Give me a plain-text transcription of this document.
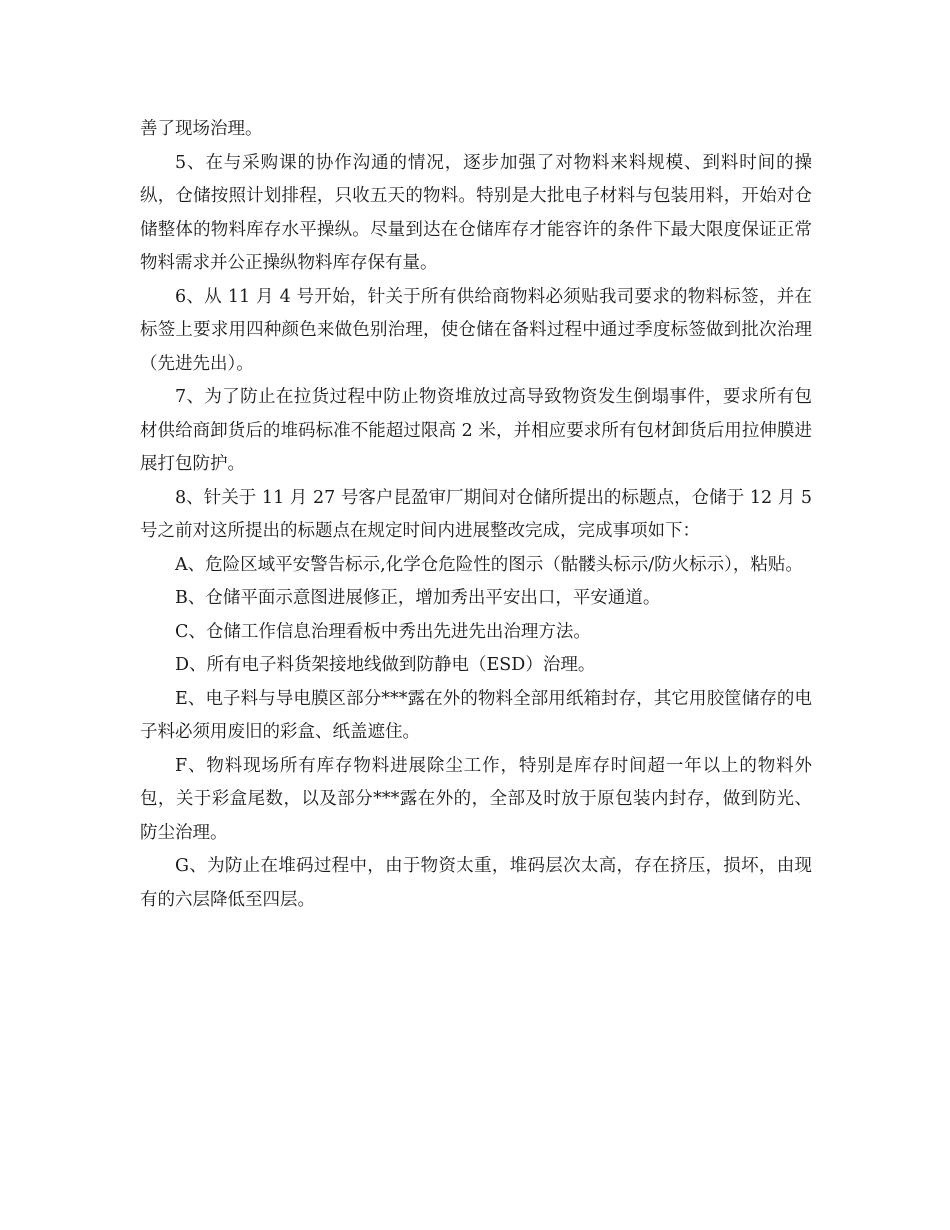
善了现场治理。

5、在与采购课的协作沟通的情况，逐步加强了对物料来料规模、到料时间的操纵，仓储按照计划排程，只收五天的物料。特别是大批电子材料与包装用料，开始对仓储整体的物料库存水平操纵。尽量到达在仓储库存才能容许的条件下最大限度保证正常物料需求并公正操纵物料库存保有量。

6、从 11 月 4 号开始，针关于所有供给商物料必须贴我司要求的物料标签，并在标签上要求用四种颜色来做色别治理，使仓储在备料过程中通过季度标签做到批次治理（先进先出）。

7、为了防止在拉货过程中防止物资堆放过高导致物资发生倒塌事件，要求所有包材供给商卸货后的堆码标准不能超过限高 2 米，并相应要求所有包材卸货后用拉伸膜进展打包防护。

8、针关于 11 月 27 号客户昆盈审厂期间对仓储所提出的标题点，仓储于 12 月 5 号之前对这所提出的标题点在规定时间内进展整改完成，完成事项如下：

A、危险区域平安警告标示,化学仓危险性的图示（骷髅头标示/防火标示），粘贴。

B、仓储平面示意图进展修正，增加秀出平安出口，平安通道。

C、仓储工作信息治理看板中秀出先进先出治理方法。

D、所有电子料货架接地线做到防静电（ESD）治理。

E、电子料与导电膜区部分***露在外的物料全部用纸箱封存，其它用胶筐储存的电子料必须用废旧的彩盒、纸盖遮住。

F、物料现场所有库存物料进展除尘工作，特别是库存时间超一年以上的物料外包，关于彩盒尾数，以及部分***露在外的，全部及时放于原包装内封存，做到防光、防尘治理。

G、为防止在堆码过程中，由于物资太重，堆码层次太高，存在挤压，损坏，由现有的六层降低至四层。
